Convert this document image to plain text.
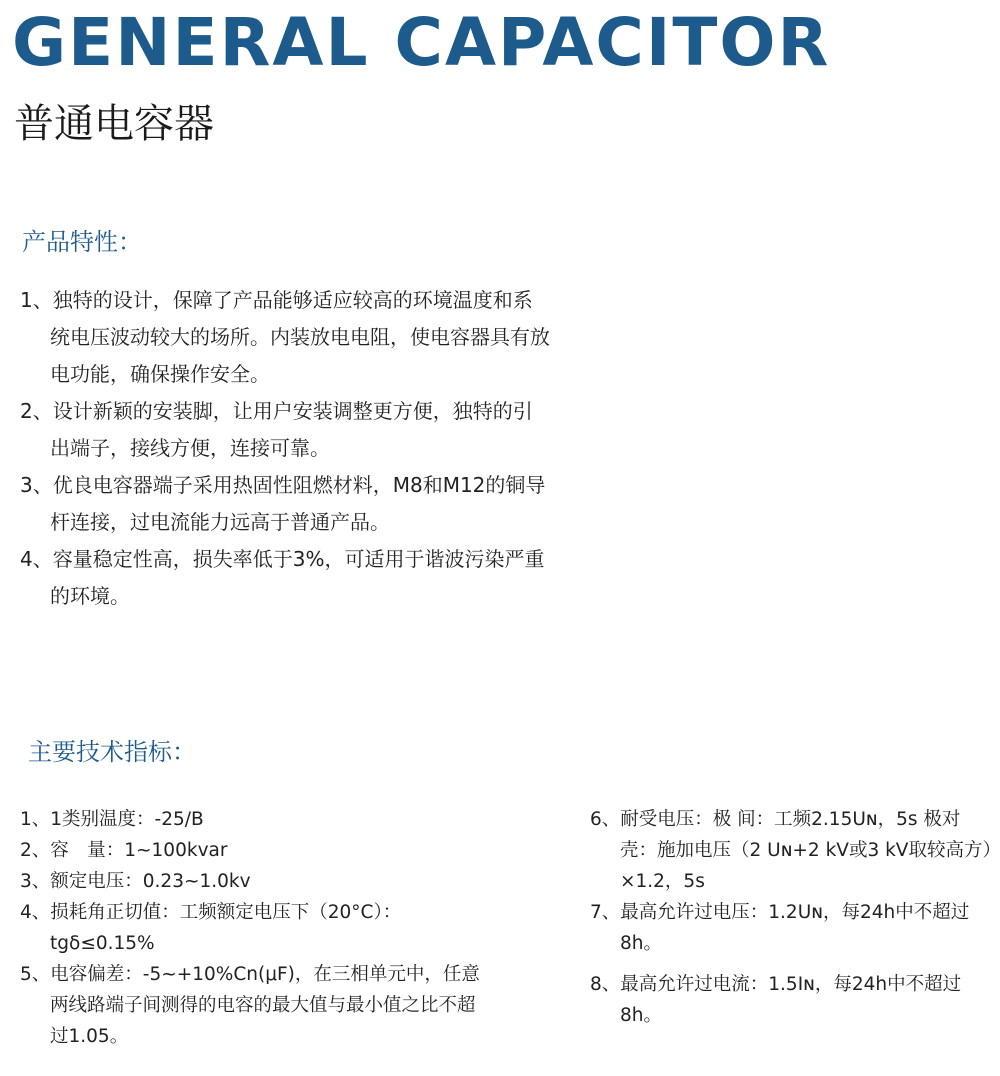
GENERAL CAPACITOR
普通电容器
产品特性：
1、独特的设计，保障了产品能够适应较高的环境温度和系统电压波动较大的场所。内装放电电阻，使电容器具有放电功能，确保操作安全。
2、设计新颖的安装脚，让用户安装调整更方便，独特的引出端子，接线方便，连接可靠。
3、优良电容器端子采用热固性阻燃材料，M8和M12的铜导杆连接，过电流能力远高于普通产品。
4、容量稳定性高，损失率低于3%，可适用于谐波污染严重的环境。
主要技术指标：
1、1类别温度：-25/B
2、容　量：1~100kvar
3、额定电压：0.23~1.0kv
4、损耗角正切值：工频额定电压下（20°C）：tgδ≤0.15%
5、电容偏差：-5~+10%Cn(μF)，在三相单元中，任意两线路端子间测得的电容的最大值与最小值之比不超过1.05。
6、耐受电压：极 间：工频2.15Uɴ，5s 极对壳：施加电压（2 Uɴ+2 kV或3 kV取较高方）×1.2，5s
7、最高允许过电压：1.2Uɴ，每24h中不超过8h。
8、最高允许过电流：1.5Iɴ，每24h中不超过8h。
